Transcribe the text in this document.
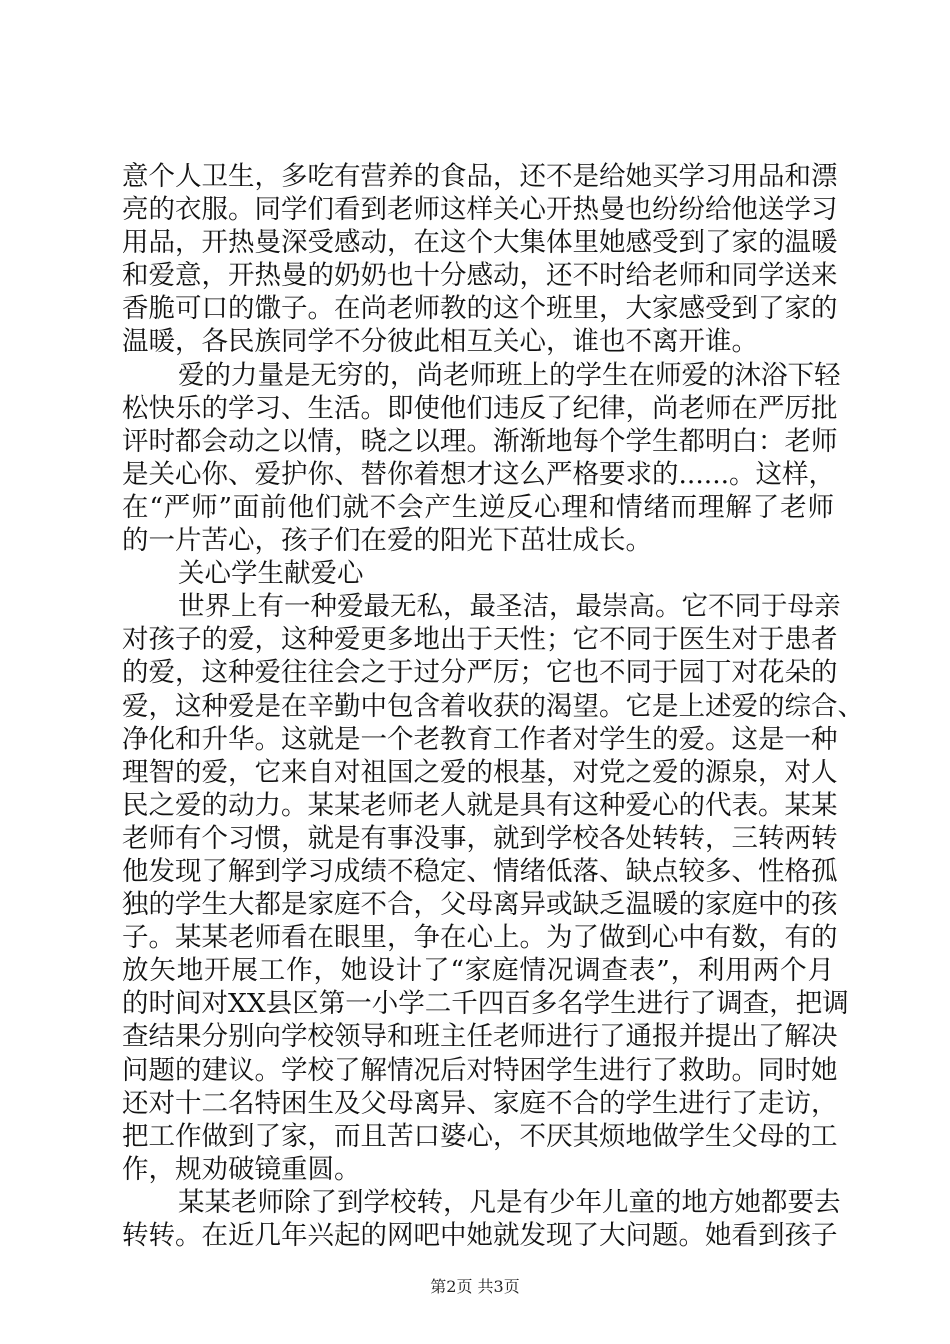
意 个 人 卫 生 ， 多 吃 有 营 养 的 食 品 ， 还 不 是 给 她 买 学 习 用 品 和 漂
亮 的 衣 服 。 同 学 们 看 到 老 师 这 样 关 心 开 热 曼 也 纷 纷 给 他 送 学 习
用 品 ， 开 热 曼 深 受 感 动 ， 在 这 个 大 集 体 里 她 感 受 到 了 家 的 温 暖
和 爱 意 ， 开 热 曼 的 奶 奶 也 十 分 感 动 ， 还 不 时 给 老 师 和 同 学 送 来
香 脆 可 口 的 馓 子 。 在 尚 老 师 教 的 这 个 班 里 ， 大 家 感 受 到 了 家 的
温暖，各民族同学不分彼此相互关心，谁也不离开谁。
爱 的 力 量 是 无 穷 的 ， 尚 老 师 班 上 的 学 生 在 师 爱 的 沐 浴 下 轻
松 快 乐 的 学 习 、 生 活 。 即 使 他 们 违 反 了 纪 律 ， 尚 老 师 在 严 厉 批
评 时 都 会 动 之 以 情 ， 晓 之 以 理 。 渐 渐 地 每 个 学 生 都 明 白 ： 老 师
是 关 心 你 、 爱 护 你 、 替 你 着 想 才 这 么 严 格 要 求 的 ...... 。 这 样 ，
在 “ 严 师 ” 面 前 他 们 就 不 会 产 生 逆 反 心 理 和 情 绪 而 理 解 了 老 师
的一片苦心，孩子们在爱的阳光下茁壮成长。
关心学生献爱心
世 界 上 有 一 种 爱 最 无 私 ， 最 圣 洁 ， 最 崇 高 。 它 不 同 于 母 亲
对 孩 子 的 爱 ， 这 种 爱 更 多 地 出 于 天 性 ； 它 不 同 于 医 生 对 于 患 者
的 爱 ， 这 种 爱 往 往 会 之 于 过 分 严 厉 ； 它 也 不 同 于 园 丁 对 花 朵 的
爱 ， 这 种 爱 是 在 辛 勤 中 包 含 着 收 获 的 渴 望 。 它 是 上 述 爱 的 综 合 、
净 化 和 升 华 。 这 就 是 一 个 老 教 育 工 作 者 对 学 生 的 爱 。 这 是 一 种
理 智 的 爱 ， 它 来 自 对 祖 国 之 爱 的 根 基 ， 对 党 之 爱 的 源 泉 ， 对 人
民 之 爱 的 动 力 。 某 某 老 师 老 人 就 是 具 有 这 种 爱 心 的 代 表 。 某 某
老 师 有 个 习 惯 ， 就 是 有 事 没 事 ， 就 到 学 校 各 处 转 转 ， 三 转 两 转
他 发 现 了 解 到 学 习 成 绩 不 稳 定 、 情 绪 低 落 、 缺 点 较 多 、 性 格 孤
独 的 学 生 大 都 是 家 庭 不 合 ， 父 母 离 异 或 缺 乏 温 暖 的 家 庭 中 的 孩
子 。 某 某 老 师 看 在 眼 里 ， 争 在 心 上 。 为 了 做 到 心 中 有 数 ， 有 的
放 矢 地 开 展 工 作 ， 她 设 计 了 “ 家 庭 情 况 调 查 表 ” ， 利 用 两 个 月
的 时 间 对 XX 县 区 第 一 小 学 二 千 四 百 多 名 学 生 进 行 了 调 查 ， 把 调
查 结 果 分 别 向 学 校 领 导 和 班 主 任 老 师 进 行 了 通 报 并 提 出 了 解 决
问 题 的 建 议 。 学 校 了 解 情 况 后 对 特 困 学 生 进 行 了 救 助 。 同 时 她
还 对 十 二 名 特 困 生 及 父 母 离 异 、 家 庭 不 合 的 学 生 进 行 了 走 访 ，
把 工 作 做 到 了 家 ， 而 且 苦 口 婆 心 ， 不 厌 其 烦 地 做 学 生 父 母 的 工
作，规劝破镜重圆。
某 某 老 师 除 了 到 学 校 转 ， 凡 是 有 少 年 儿 童 的 地 方 她 都 要 去
转 转 。 在 近 几 年 兴 起 的 网 吧 中 她 就 发 现 了 大 问 题 。 她 看 到 孩 子
第2页 共3页
